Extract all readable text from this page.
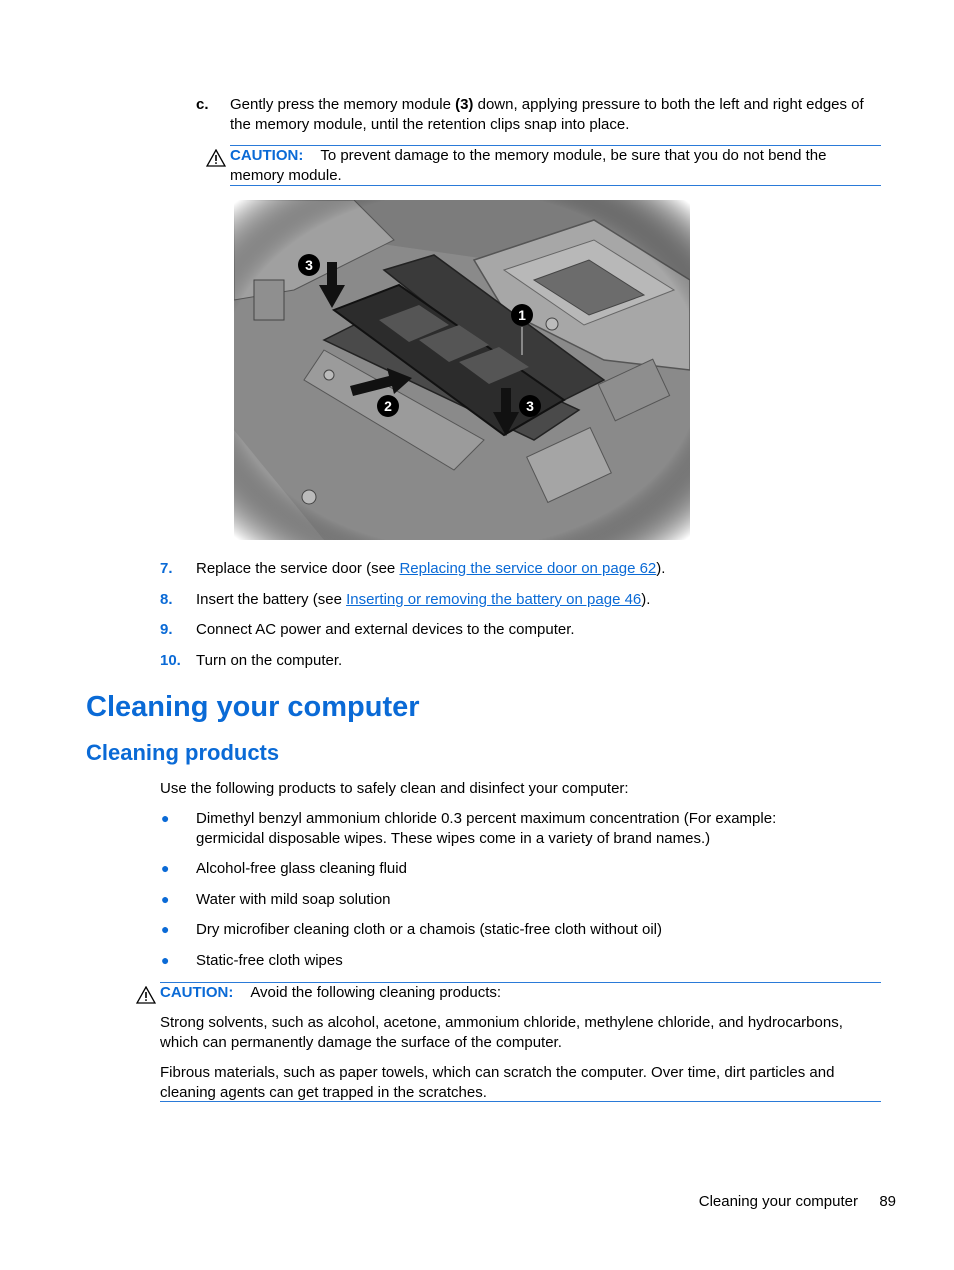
c. Gently press the memory module (3) down, applying pressure to both the left and right edges of the memory module, until the retention clips snap into place.
CAUTION: To prevent damage to the memory module, be sure that you do not bend the memory module.
3
1
2	3
7. Replace the service door (see Replacing the service door on page 62).
8. Insert the battery (see Inserting or removing the battery on page 46).
9. Connect AC power and external devices to the computer.
10. Turn on the computer.
Cleaning your computer
Cleaning products
Use the following products to safely clean and disinfect your computer:
● Dimethyl benzyl ammonium chloride 0.3 percent maximum concentration (For example: germicidal disposable wipes. These wipes come in a variety of brand names.)
● Alcohol-free glass cleaning fluid
● Water with mild soap solution
● Dry microfiber cleaning cloth or a chamois (static-free cloth without oil)
● Static-free cloth wipes
CAUTION: Avoid the following cleaning products:
Strong solvents, such as alcohol, acetone, ammonium chloride, methylene chloride, and hydrocarbons, which can permanently damage the surface of the computer.
Fibrous materials, such as paper towels, which can scratch the computer. Over time, dirt particles and cleaning agents can get trapped in the scratches.
Cleaning your computer 89
